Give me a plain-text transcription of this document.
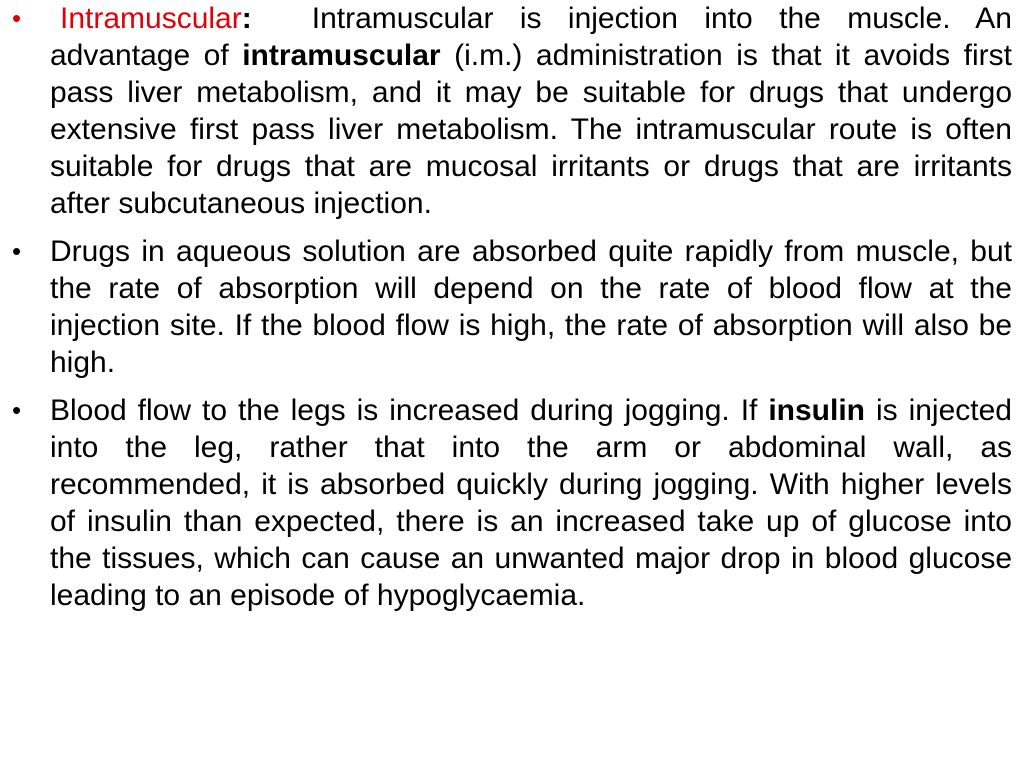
• Intramuscular: Intramuscular is injection into the muscle. An advantage of intramuscular (i.m.) administration is that it avoids first pass liver metabolism, and it may be suitable for drugs that undergo extensive first pass liver metabolism. The intramuscular route is often suitable for drugs that are mucosal irritants or drugs that are irritants after subcutaneous injection.
• Drugs in aqueous solution are absorbed quite rapidly from muscle, but the rate of absorption will depend on the rate of blood flow at the injection site. If the blood flow is high, the rate of absorption will also be high.
• Blood flow to the legs is increased during jogging. If insulin is injected into the leg, rather that into the arm or abdominal wall, as recommended, it is absorbed quickly during jogging. With higher levels of insulin than expected, there is an increased take up of glucose into the tissues, which can cause an unwanted major drop in blood glucose leading to an episode of hypoglycaemia.
